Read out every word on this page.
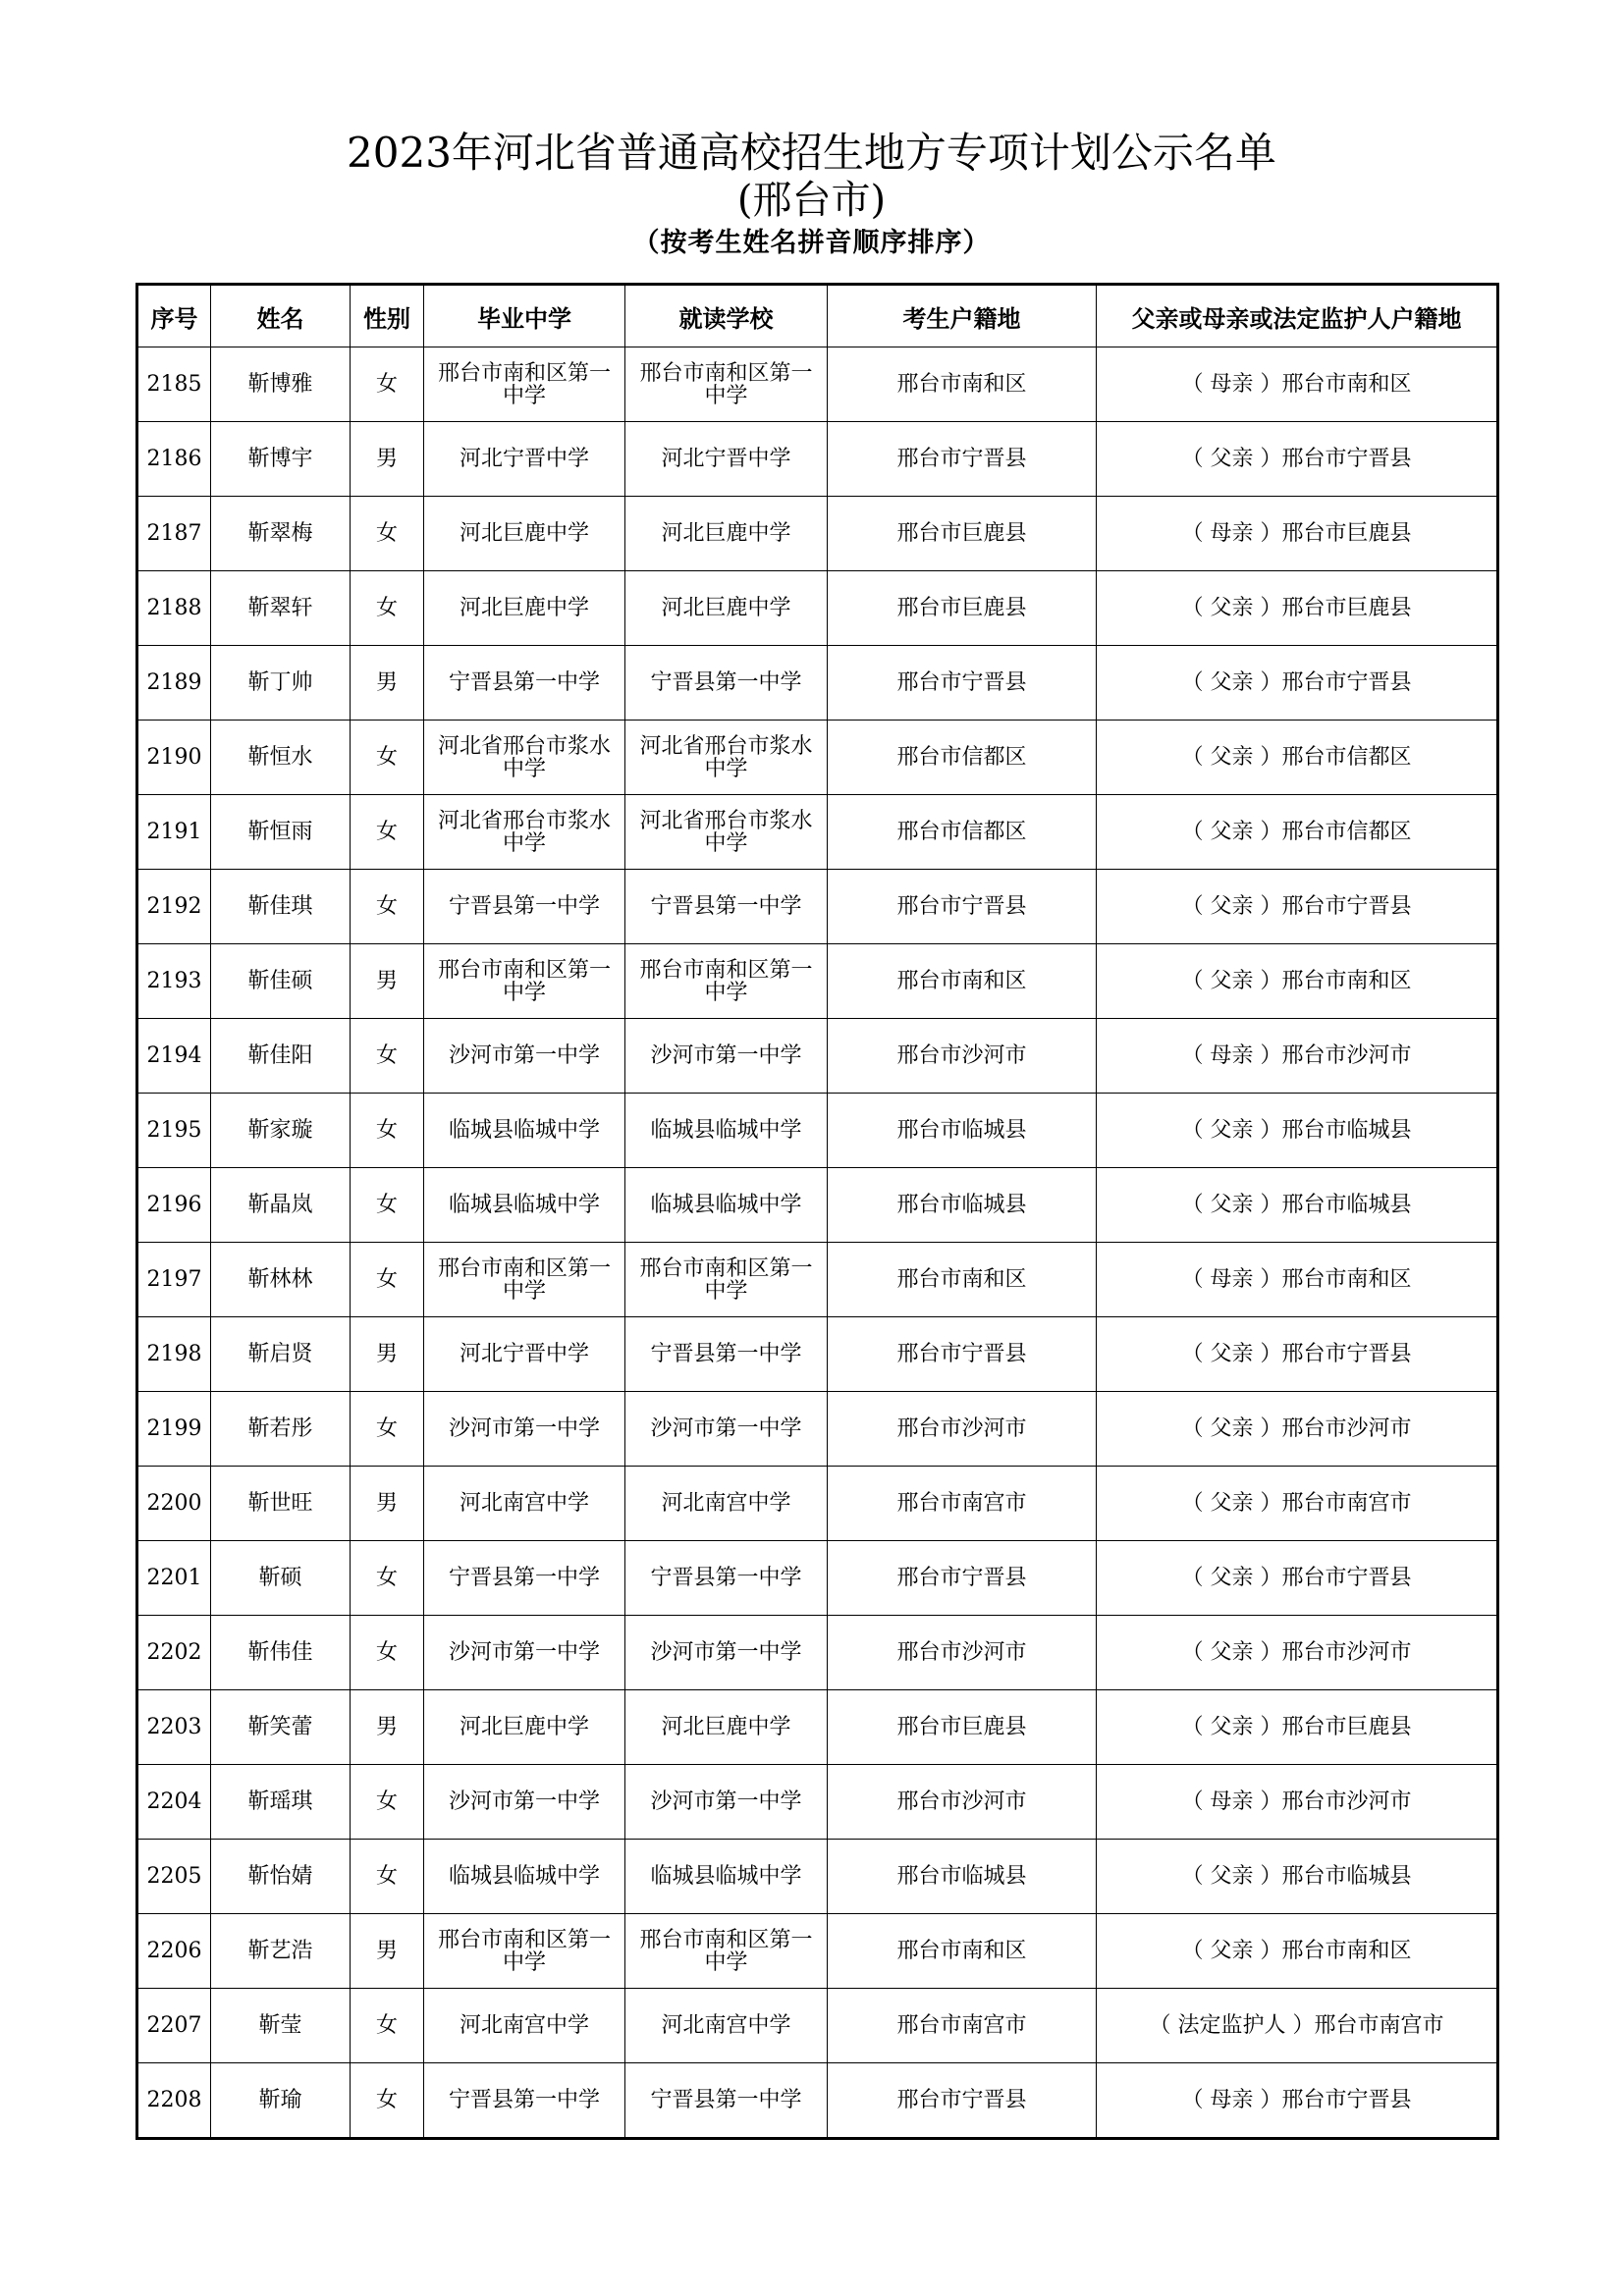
2023年河北省普通高校招生地方专项计划公示名单
(邢台市)
（按考生姓名拼音顺序排序）
序号	姓名	性别	毕业中学	就读学校	考生户籍地	父亲或母亲或法定监护人户籍地
2185	靳博雅	女	邢台市南和区第一中学	邢台市南和区第一中学	邢台市南和区	（ 母亲 ）邢台市南和区
2186	靳博宇	男	河北宁晋中学	河北宁晋中学	邢台市宁晋县	（ 父亲 ）邢台市宁晋县
2187	靳翠梅	女	河北巨鹿中学	河北巨鹿中学	邢台市巨鹿县	（ 母亲 ）邢台市巨鹿县
2188	靳翠轩	女	河北巨鹿中学	河北巨鹿中学	邢台市巨鹿县	（ 父亲 ）邢台市巨鹿县
2189	靳丁帅	男	宁晋县第一中学	宁晋县第一中学	邢台市宁晋县	（ 父亲 ）邢台市宁晋县
2190	靳恒水	女	河北省邢台市浆水中学	河北省邢台市浆水中学	邢台市信都区	（ 父亲 ）邢台市信都区
2191	靳恒雨	女	河北省邢台市浆水中学	河北省邢台市浆水中学	邢台市信都区	（ 父亲 ）邢台市信都区
2192	靳佳琪	女	宁晋县第一中学	宁晋县第一中学	邢台市宁晋县	（ 父亲 ）邢台市宁晋县
2193	靳佳硕	男	邢台市南和区第一中学	邢台市南和区第一中学	邢台市南和区	（ 父亲 ）邢台市南和区
2194	靳佳阳	女	沙河市第一中学	沙河市第一中学	邢台市沙河市	（ 母亲 ）邢台市沙河市
2195	靳家璇	女	临城县临城中学	临城县临城中学	邢台市临城县	（ 父亲 ）邢台市临城县
2196	靳晶岚	女	临城县临城中学	临城县临城中学	邢台市临城县	（ 父亲 ）邢台市临城县
2197	靳林林	女	邢台市南和区第一中学	邢台市南和区第一中学	邢台市南和区	（ 母亲 ）邢台市南和区
2198	靳启贤	男	河北宁晋中学	宁晋县第一中学	邢台市宁晋县	（ 父亲 ）邢台市宁晋县
2199	靳若彤	女	沙河市第一中学	沙河市第一中学	邢台市沙河市	（ 父亲 ）邢台市沙河市
2200	靳世旺	男	河北南宫中学	河北南宫中学	邢台市南宫市	（ 父亲 ）邢台市南宫市
2201	靳硕	女	宁晋县第一中学	宁晋县第一中学	邢台市宁晋县	（ 父亲 ）邢台市宁晋县
2202	靳伟佳	女	沙河市第一中学	沙河市第一中学	邢台市沙河市	（ 父亲 ）邢台市沙河市
2203	靳笑蕾	男	河北巨鹿中学	河北巨鹿中学	邢台市巨鹿县	（ 父亲 ）邢台市巨鹿县
2204	靳瑶琪	女	沙河市第一中学	沙河市第一中学	邢台市沙河市	（ 母亲 ）邢台市沙河市
2205	靳怡婧	女	临城县临城中学	临城县临城中学	邢台市临城县	（ 父亲 ）邢台市临城县
2206	靳艺浩	男	邢台市南和区第一中学	邢台市南和区第一中学	邢台市南和区	（ 父亲 ）邢台市南和区
2207	靳莹	女	河北南宫中学	河北南宫中学	邢台市南宫市	（ 法定监护人 ）邢台市南宫市
2208	靳瑜	女	宁晋县第一中学	宁晋县第一中学	邢台市宁晋县	（ 母亲 ）邢台市宁晋县
